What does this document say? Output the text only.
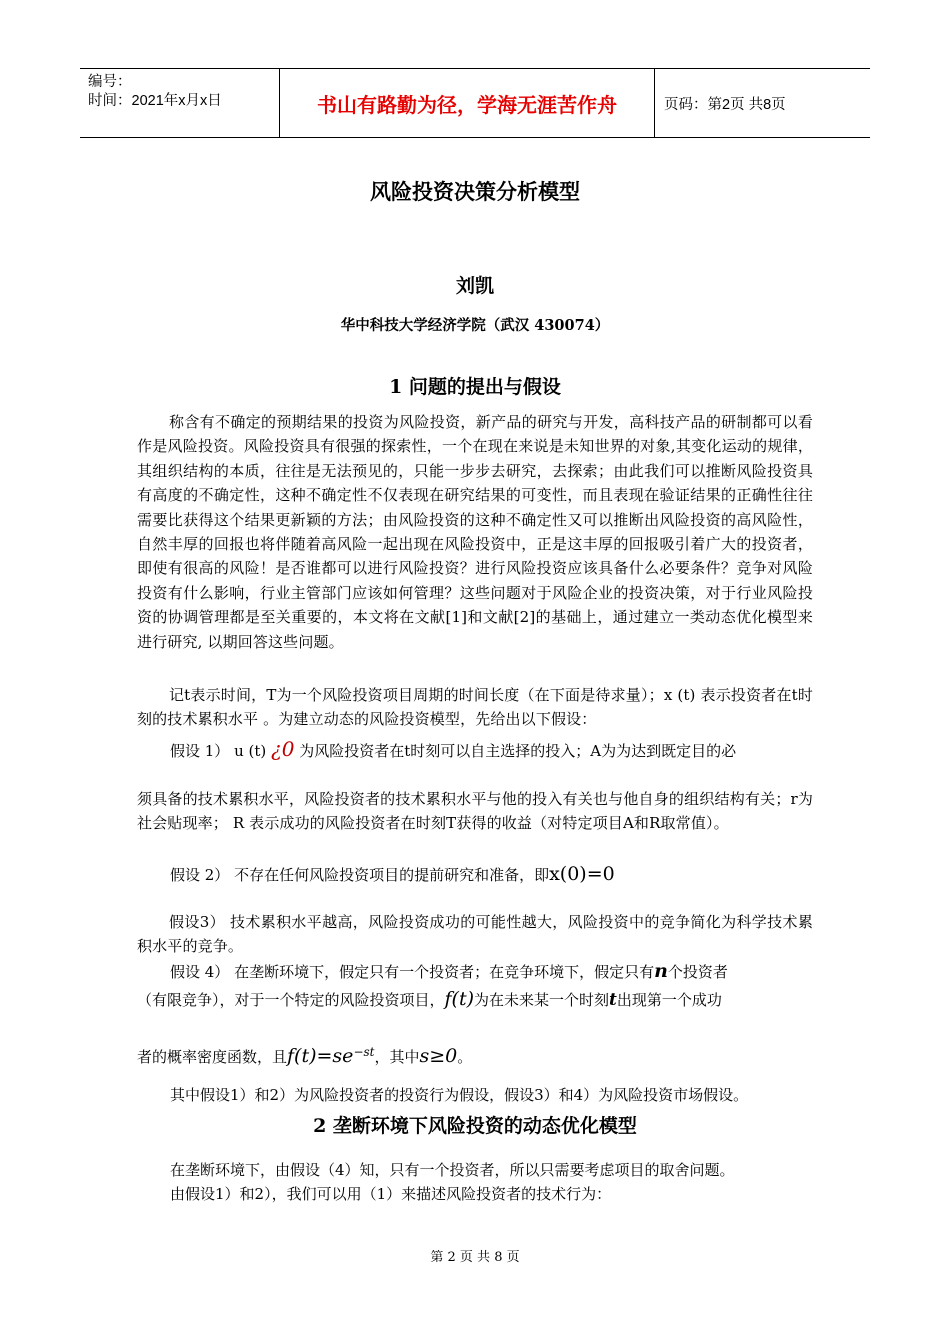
编号：
时间：2021年x月x日	书山有路勤为径，学海无涯苦作舟	页码：第2页 共8页
风险投资决策分析模型
刘凯
华中科技大学经济学院（武汉 430074）
1 问题的提出与假设
称含有不确定的预期结果的投资为风险投资，新产品的研究与开发，高科技产品的研制都可以看作是风险投资。风险投资具有很强的探索性，一个在现在来说是未知世界的对象,其变化运动的规律，其组织结构的本质，往往是无法预见的，只能一步步去研究，去探索；由此我们可以推断风险投资具有高度的不确定性，这种不确定性不仅表现在研究结果的可变性，而且表现在验证结果的正确性往往需要比获得这个结果更新颖的方法；由风险投资的这种不确定性又可以推断出风险投资的高风险性，自然丰厚的回报也将伴随着高风险一起出现在风险投资中，正是这丰厚的回报吸引着广大的投资者，即使有很高的风险！是否谁都可以进行风险投资？进行风险投资应该具备什么必要条件？竞争对风险投资有什么影响，行业主管部门应该如何管理？这些问题对于风险企业的投资决策，对于行业风险投资的协调管理都是至关重要的，本文将在文献[1]和文献[2]的基础上，通过建立一类动态优化模型来进行研究, 以期回答这些问题。
记t表示时间，T为一个风险投资项目周期的时间长度（在下面是待求量）；x (t) 表示投资者在t时刻的技术累积水平 。为建立动态的风险投资模型，先给出以下假设：
假设 1） u (t) ¿0 为风险投资者在t时刻可以自主选择的投入；A为为达到既定目的必
须具备的技术累积水平，风险投资者的技术累积水平与他的投入有关也与他自身的组织结构有关；r为社会贴现率； R 表示成功的风险投资者在时刻T获得的收益（对特定项目A和R取常值）。
假设 2） 不存在任何风险投资项目的提前研究和准备，即x(0)=0
假设3） 技术累积水平越高，风险投资成功的可能性越大，风险投资中的竞争简化为科学技术累积水平的竞争。
假设 4） 在垄断环境下，假定只有一个投资者；在竞争环境下，假定只有n个投资者
（有限竞争），对于一个特定的风险投资项目，f(t)为在未来某一个时刻t出现第一个成功
者的概率密度函数，且$f(t)=se^{-st}$，其中s≥0。
其中假设1）和2）为风险投资者的投资行为假设，假设3）和4）为风险投资市场假设。
2 垄断环境下风险投资的动态优化模型
在垄断环境下，由假设（4）知，只有一个投资者，所以只需要考虑项目的取舍问题。
由假设1）和2），我们可以用（1）来描述风险投资者的技术行为：
第 2 页 共 8 页
